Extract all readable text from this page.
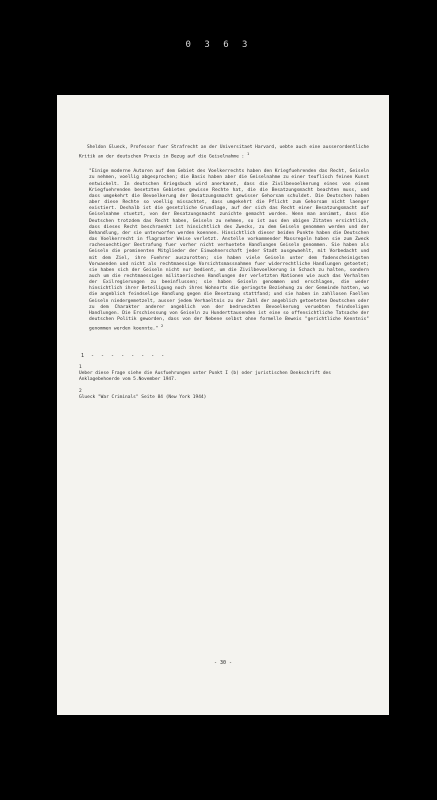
0 3 6 3

Sheldon Glueck, Professor fuer Strafrecht an der Universitaet Harvard, uebte auch eine ausserordentliche Kritik an der deutschen Praxis in Bezug auf die Geiselnahme : $^1$

"Einige moderne Autoren auf dem Gebiet des Voelkerrechts haben den Kriegfuehrenden das Recht, Geiseln zu nehmen, voellig abgesprochen; die Basis haben aber die Geiselnahme zu einer teuflisch feinen Kunst entwickelt. In deutschen Kriegsbuch wird anerkannt, dass die Zivilbevoelkerung eines von einem Kriegfuehrenden besetzten Gebietes gewisse Rechte hat, die die Besatzungsmacht beachten muss, und dass umgekehrt die Bevoelkerung der Besatzungsmacht gewisser Gehorsam schuldet. Die Deutschen haben aber diese Rechte so voellig missachtet, dass umgekehrt die Pflicht zum Gehorsam nicht laenger existiert. Deshalb ist die gesetzliche Grundlage, auf der sich das Recht einer Besatzungsmacht auf Geiselnahme stuetzt, von der Besatzungsmacht zunichte gemacht worden. Wenn man annimmt, dass die Deutschen trotzdem das Recht haben, Geiseln zu nehmen, so ist aus den obigen Zitaten ersichtlich, dass dieses Recht beschraenkt ist hinsichtlich des Zwecks, zu dem Geiseln genommen werden und der Behandlung, der sie unterworfen werden koennen. Hinsichtlich dieser beiden Punkte haben die Deutschen das Voelkerrecht in flagranter Weise verletzt. Anstelle vorkommender Massregeln haben sie zum Zweck rachesuechtiger Bestrafung fuer vorher nicht verhuetete Handlungen Geiseln genommen. Sie haben als Geiseln die prominenten Mitglieder der Einwohnerschaft jeder Stadt ausgewaehlt, mit Vorbedacht und mit dem Ziel, ihre Fuehrer auszurotten; sie haben viele Geiseln unter dem fadenscheinigsten Vorwaenden und nicht als rechtmaessige Vorsichtsmassnahmen fuer widerrechtliche Handlungen getoetet; sie haben sich der Geiseln nicht nur bedient, um die Zivilbevoelkerung in Schach zu halten, sondern auch um die rechtmaessigen militaerischen Handlungen der verletzten Nationen wie auch das Verhalten der Exilregierungen zu beeinflussen; sie haben Geiseln genommen und erschlagen, die weder hinsichtlich ihrer Beteiligung noch ihres Wohnorts die geringste Beziehung zu der Gemeinde hatten, wo die angeblich feindselige Handlung gegen die Besetzung stattfand; und sie haben in zahllosen Faellen Geiseln niedergemetzelt, ausser jedem Verhaeltnis zu der Zahl der angeblich getoeteten Deutschen oder zu dem Charakter anderer angeblich von der bedrueckten Bevoelkerung veruebten feindseligen Handlungen. Die Erschiessung von Geiseln zu Hunderttausenden ist eine so offensichtliche Tatsache der deutschen Politik geworden, dass von der Nebene selbst ohne formelle Beweis "gerichtliche Kenntnis" genommen werden koennte." $^2$

1 - - - - - - - -
1
Ueber diese Frage siehe die Ausfuehrungen unter Punkt I (b) oder juristischen Denkschrift des Anklagebehoerde vom 5.November 1947.
2
Glueck "War Criminals" Seite 84 (New York 1944)
- 30 -
